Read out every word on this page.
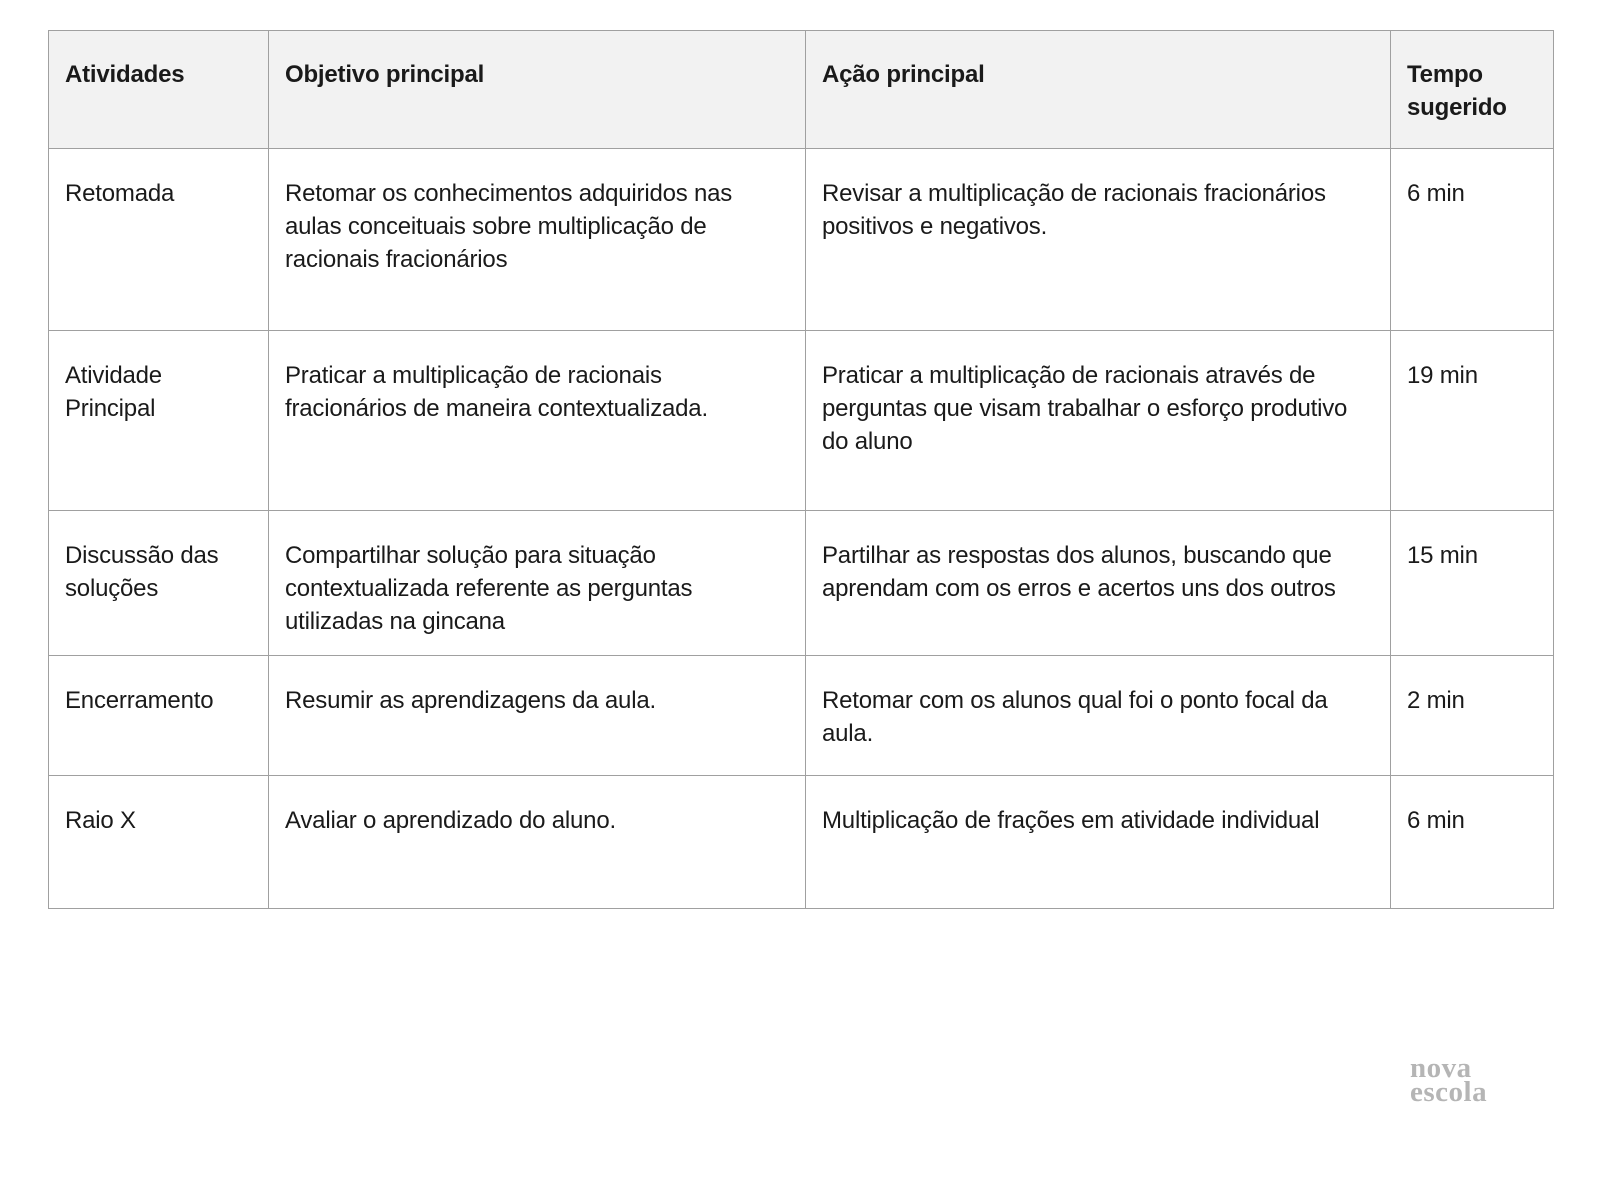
Atividades	Objetivo principal	Ação principal	Tempo sugerido
Retomada	Retomar os conhecimentos adquiridos nas aulas conceituais sobre multiplicação de racionais fracionários	Revisar a multiplicação de racionais fracionários positivos e negativos.	6 min
Atividade Principal	Praticar a multiplicação de racionais fracionários de maneira contextualizada.	Praticar a multiplicação de racionais através de perguntas que visam trabalhar o esforço produtivo do aluno	19 min
Discussão das soluções	Compartilhar solução para situação contextualizada referente as perguntas utilizadas na gincana	Partilhar as respostas dos alunos, buscando que aprendam com os erros e acertos uns dos outros	15 min
Encerramento	Resumir as aprendizagens da aula.	Retomar com os alunos qual foi o ponto focal da aula.	2 min
Raio X	Avaliar o aprendizado do aluno.	Multiplicação de frações em atividade individual	6 min
nova
escola
